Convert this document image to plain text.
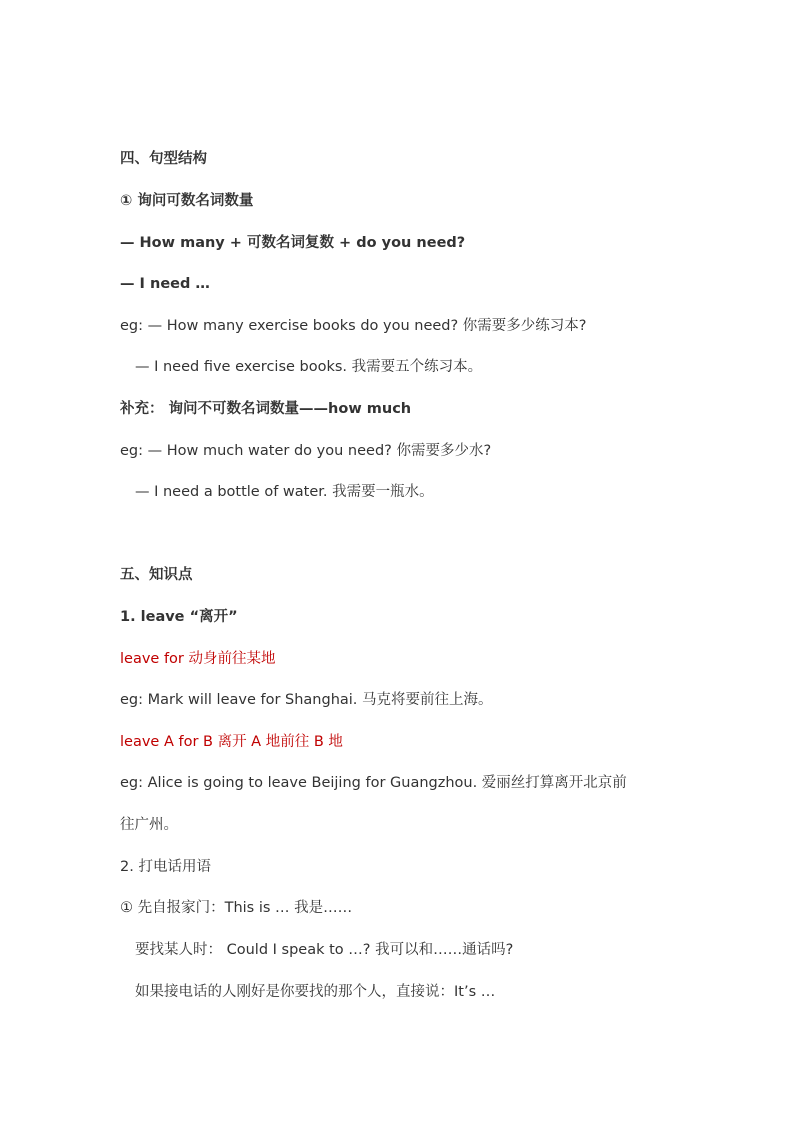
四、句型结构
① 询问可数名词数量
— How many + 可数名词复数 + do you need?
— I need …
eg: — How many exercise books do you need? 你需要多少练习本?
— I need five exercise books. 我需要五个练习本。
补充： 询问不可数名词数量——how much
eg: — How much water do you need? 你需要多少水?
— I need a bottle of water. 我需要一瓶水。
五、知识点
1. leave “离开”
leave for 动身前往某地
eg: Mark will leave for Shanghai. 马克将要前往上海。
leave A for B 离开 A 地前往 B 地
eg: Alice is going to leave Beijing for Guangzhou. 爱丽丝打算离开北京前
往广州。
2. 打电话用语
① 先自报家门：This is … 我是……
要找某人时： Could I speak to …? 我可以和……通话吗?
如果接电话的人刚好是你要找的那个人，直接说：It’s …
